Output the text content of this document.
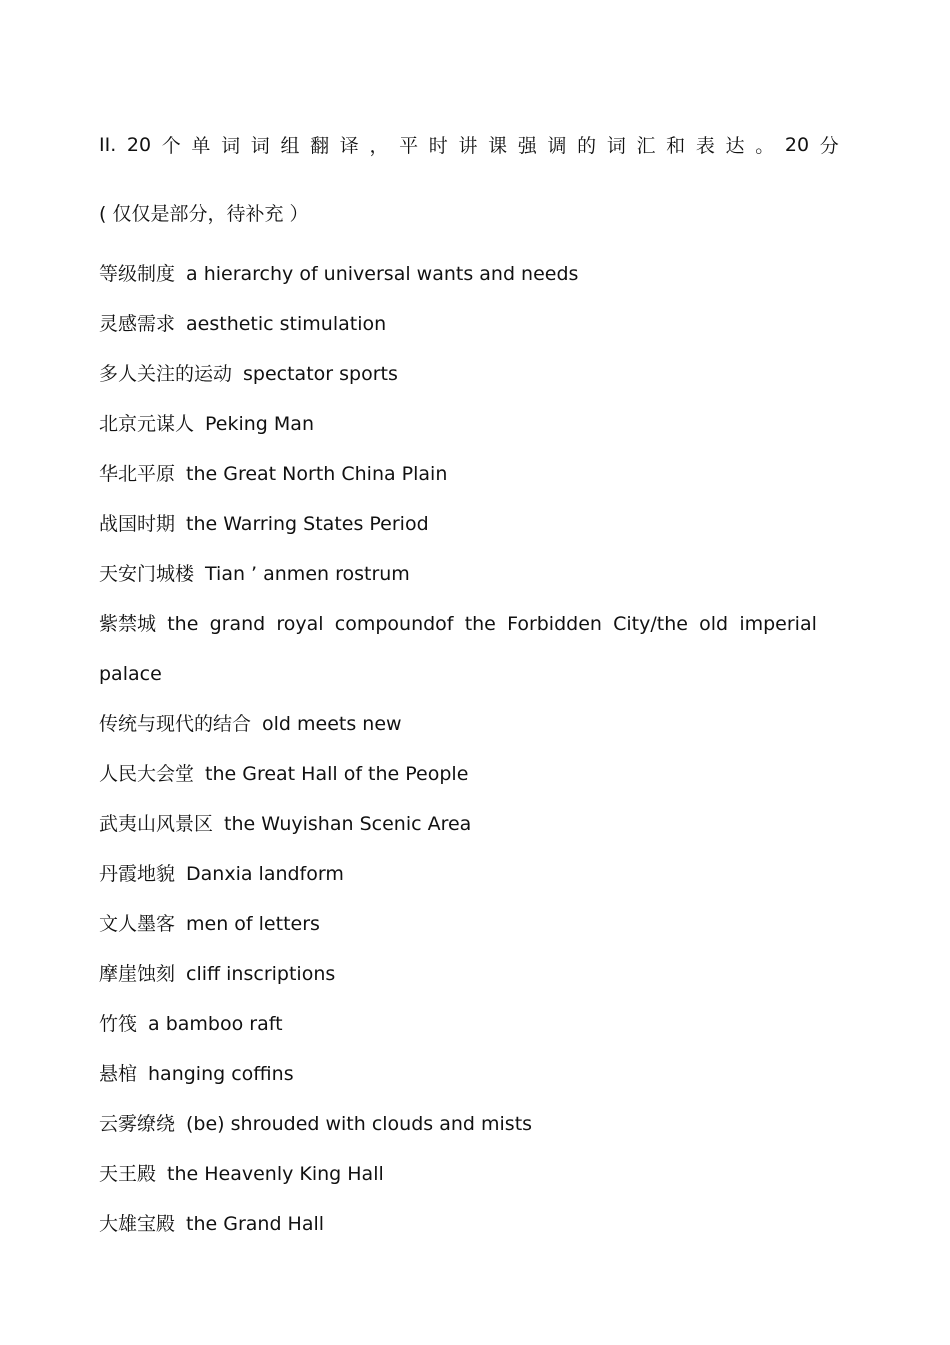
II. 20 个 单 词 词 组 翻 译 ， 平 时 讲 课 强 调 的 词 汇 和 表 达 。 20 分
( 仅仅是部分，待补充 ）
等级制度 a hierarchy of universal wants and needs
灵感需求 aesthetic stimulation
多人关注的运动 spectator sports
北京元谋人 Peking Man
华北平原 the Great North China Plain
战国时期 the Warring States Period
天安门城楼 Tian ’ anmen rostrum
紫禁城 the grand royal compoundof the Forbidden City/the old imperial
palace
传统与现代的结合 old meets new
人民大会堂 the Great Hall of the People
武夷山风景区 the Wuyishan Scenic Area
丹霞地貌 Danxia landform
文人墨客 men of letters
摩崖蚀刻 cliff inscriptions
竹筏 a bamboo raft
悬棺 hanging coffins
云雾缭绕 (be) shrouded with clouds and mists
天王殿 the Heavenly King Hall
大雄宝殿 the Grand Hall
